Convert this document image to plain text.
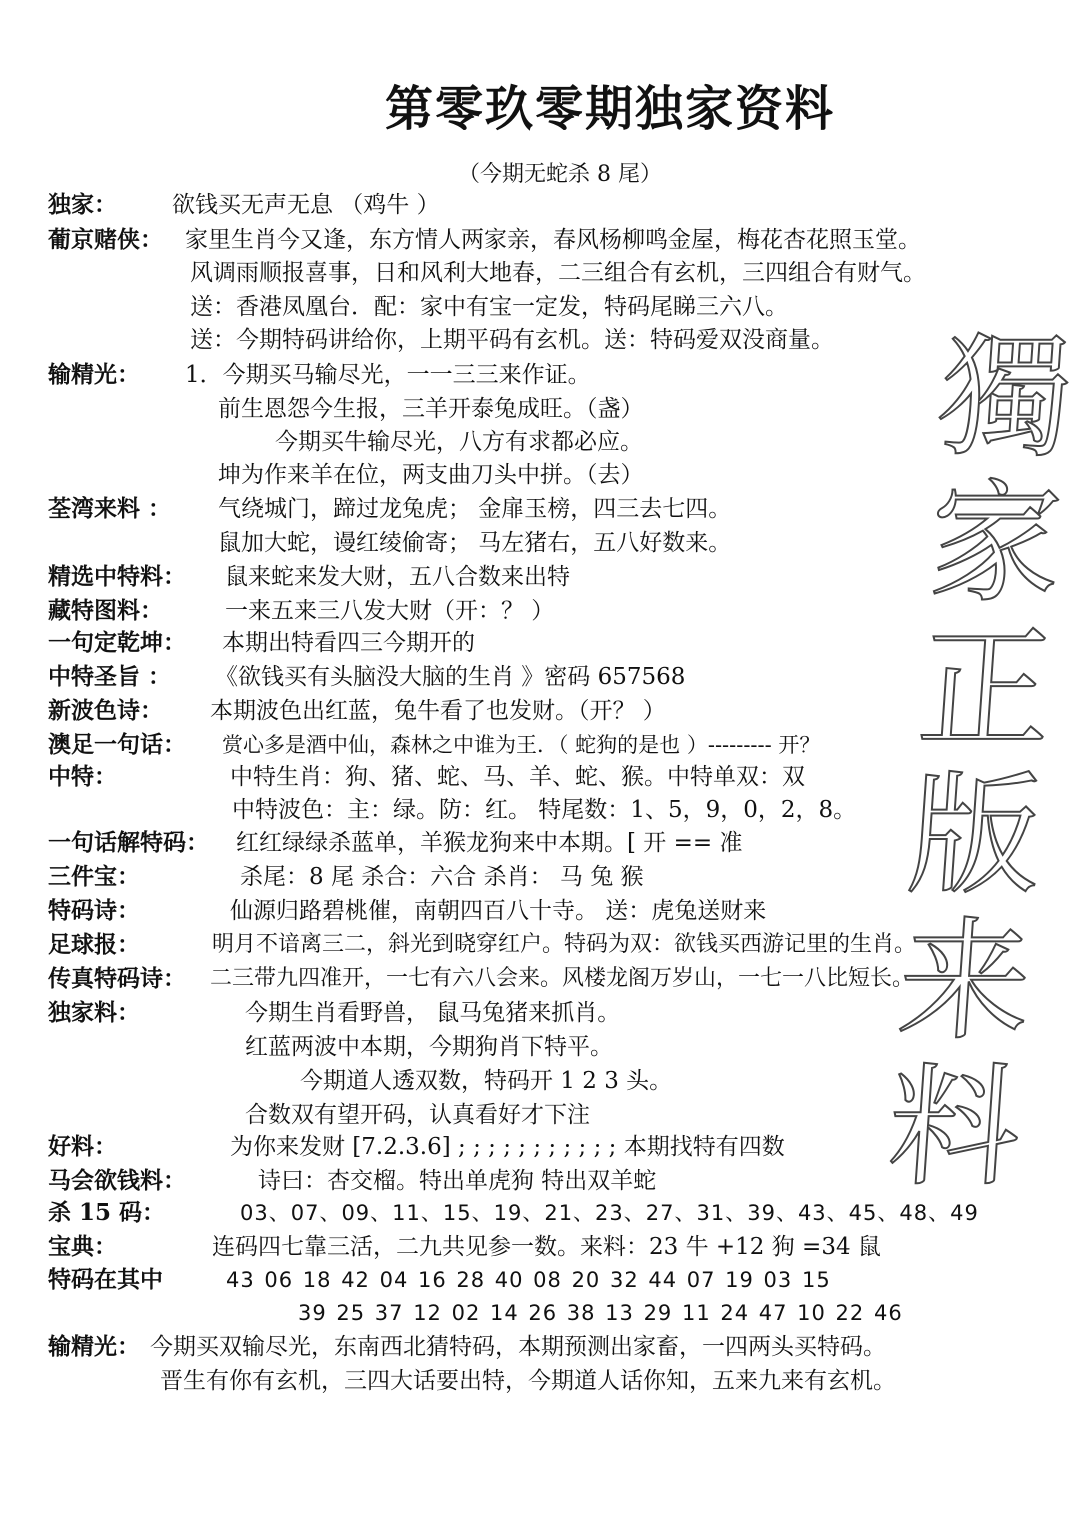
第零玖零期独家资料
（今期无蛇杀 8 尾）
獨
家
正
版
来
料
独家： 欲钱买无声无息 （鸡牛 ）
葡京赌侠： 家里生肖今又逢，东方情人两家亲，春风杨柳鸣金屋，梅花杏花照玉堂。
风调雨顺报喜事，日和风利大地春，二三组合有玄机，三四组合有财气。
送：香港凤凰台．配：家中有宝一定发，特码尾睇三六八。
送：今期特码讲给你，上期平码有玄机。送：特码爱双没商量。
输精光： 1．今期买马输尽光，一一三三来作证。
前生恩怨今生报，三羊开泰兔成旺。（盏）
今期买牛输尽光，八方有求都必应。
坤为作来羊在位，两支曲刀头中拼。（去）
荃湾来料 ： 气绕城门，蹄过龙兔虎； 金扉玉榜，四三去七四。
鼠加大蛇，谩红绫偷寄； 马左猪右，五八好数来。
精选中特料： 鼠来蛇来发大财，五八合数来出特
藏特图料：	一来五来三八发大财（开：？ ）
一句定乾坤： 本期出特看四三今期开的
中特圣旨 ： 《欲钱买有头脑没大脑的生肖 》密码 657568
新波色诗： 本期波色出红蓝，兔牛看了也发财。（开？ ）
澳足一句话： 赏心多是酒中仙，森林之中谁为王．（ 蛇狗的是也 ）--------- 开？
中特：	中特生肖：狗、猪、蛇、马、羊、蛇、猴。中特单双：双
中特波色：主：绿。防：红。 特尾数：1、5，9，0，2，8。
一句话解特码： 红红绿绿杀蓝单，羊猴龙狗来中本期。[ 开 == 准
三件宝：	杀尾：8 尾 杀合：六合 杀肖： 马 兔 猴
特码诗：	仙源归路碧桃催，南朝四百八十寺。 送：虎兔送财来
足球报：	明月不谙离三二，斜光到晓穿红户。特码为双：欲钱买西游记里的生肖。
传真特码诗： 二三带九四准开，一七有六八会来。风楼龙阁万岁山，一七一八比短长。
独家料：	今期生肖看野兽， 鼠马兔猪来抓肖。
红蓝两波中本期，今期狗肖下特平。
今期道人透双数，特码开 1 2 3 头。
合数双有望开码，认真看好才下注
好料：	为你来发财 [7.2.3.6] ; ; ; ; ; ; ; ; ; ; ; 本期找特有四数
马会欲钱料：	诗曰：杏交榴。特出单虎狗 特出双羊蛇
杀 15 码：	03、07、09、11、15、19、21、23、27、31、39、43、45、48、49
宝典：	连码四七靠三活，二九共见参一数。来料：23 牛 +12 狗 =34 鼠
特码在其中	43 06 18 42 04 16 28 40 08 20 32 44 07 19 03 15
39 25 37 12 02 14 26 38 13 29 11 24 47 10 22 46
输精光： 今期买双输尽光，东南西北猜特码，本期预测出家畜，一四两头买特码。
晋生有你有玄机，三四大话要出特，今期道人话你知，五来九来有玄机。
